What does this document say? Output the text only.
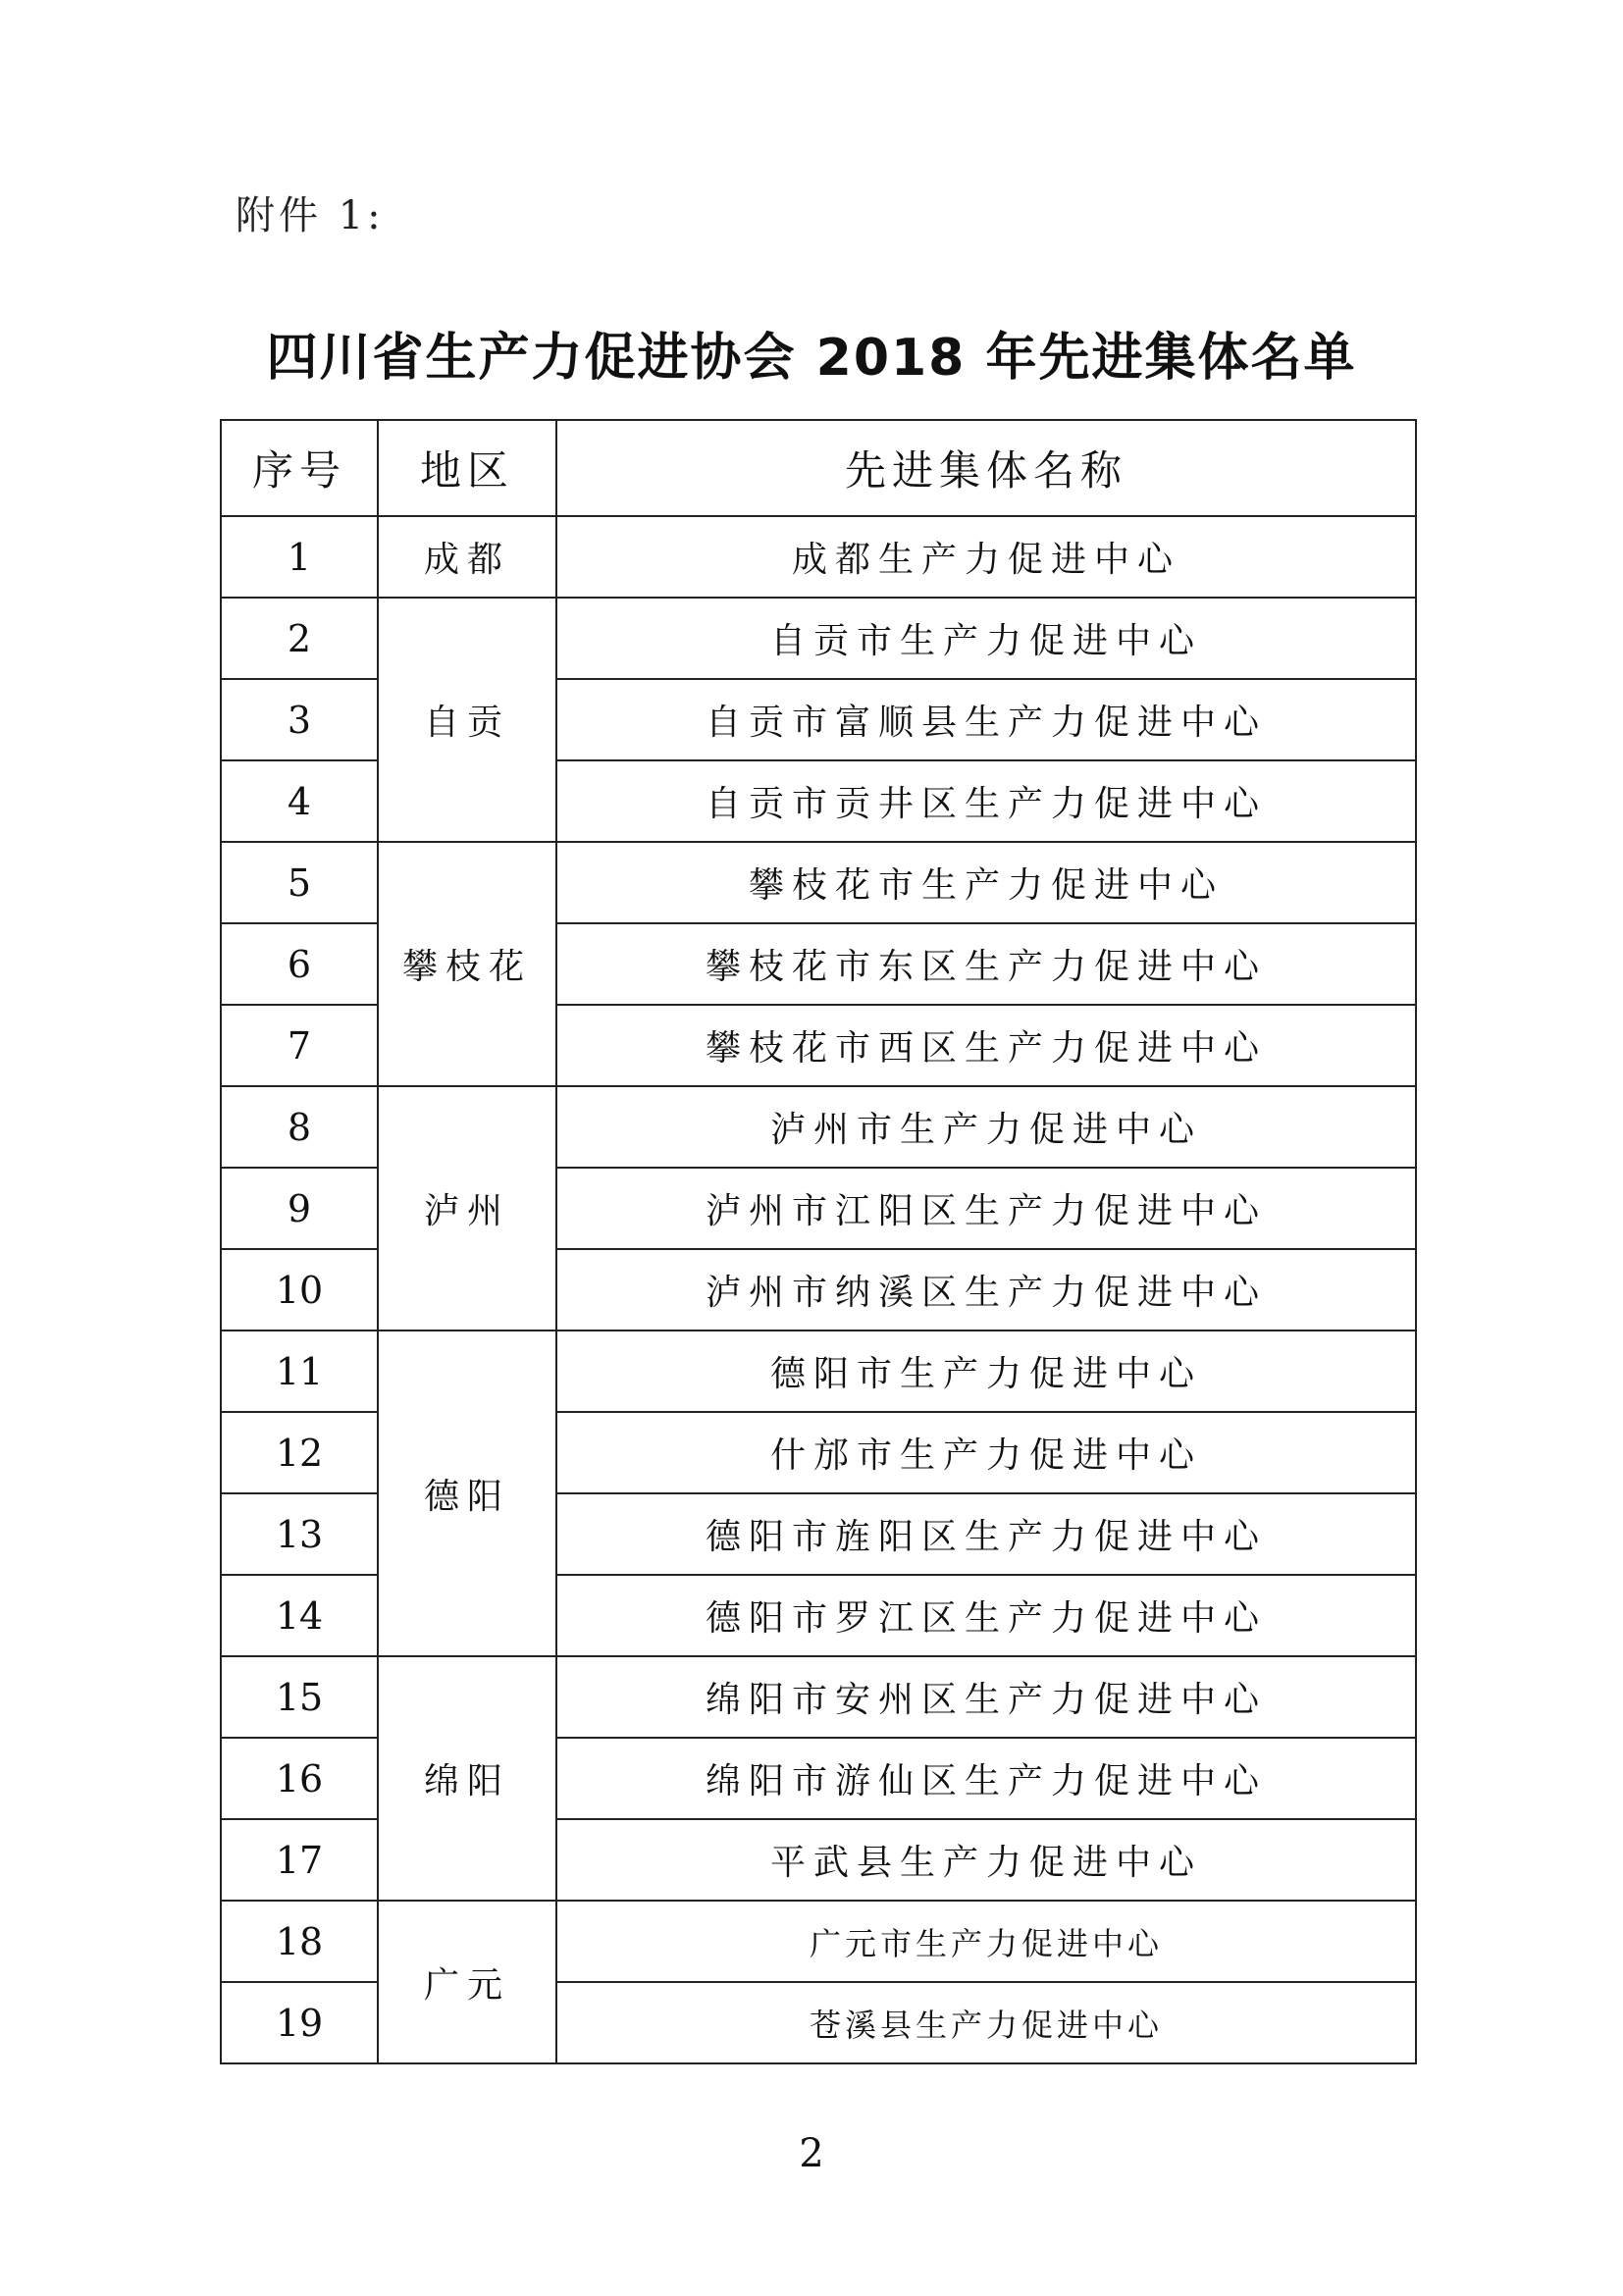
附件 1:
四川省生产力促进协会 2018 年先进集体名单
序号	地区	先进集体名称
1	成都	成都生产力促进中心
2	自贡	自贡市生产力促进中心
3		自贡市富顺县生产力促进中心
4		自贡市贡井区生产力促进中心
5	攀枝花	攀枝花市生产力促进中心
6		攀枝花市东区生产力促进中心
7		攀枝花市西区生产力促进中心
8	泸州	泸州市生产力促进中心
9		泸州市江阳区生产力促进中心
10		泸州市纳溪区生产力促进中心
11	德阳	德阳市生产力促进中心
12		什邡市生产力促进中心
13		德阳市旌阳区生产力促进中心
14		德阳市罗江区生产力促进中心
15	绵阳	绵阳市安州区生产力促进中心
16		绵阳市游仙区生产力促进中心
17		平武县生产力促进中心
18	广元	广元市生产力促进中心
19		苍溪县生产力促进中心
2
